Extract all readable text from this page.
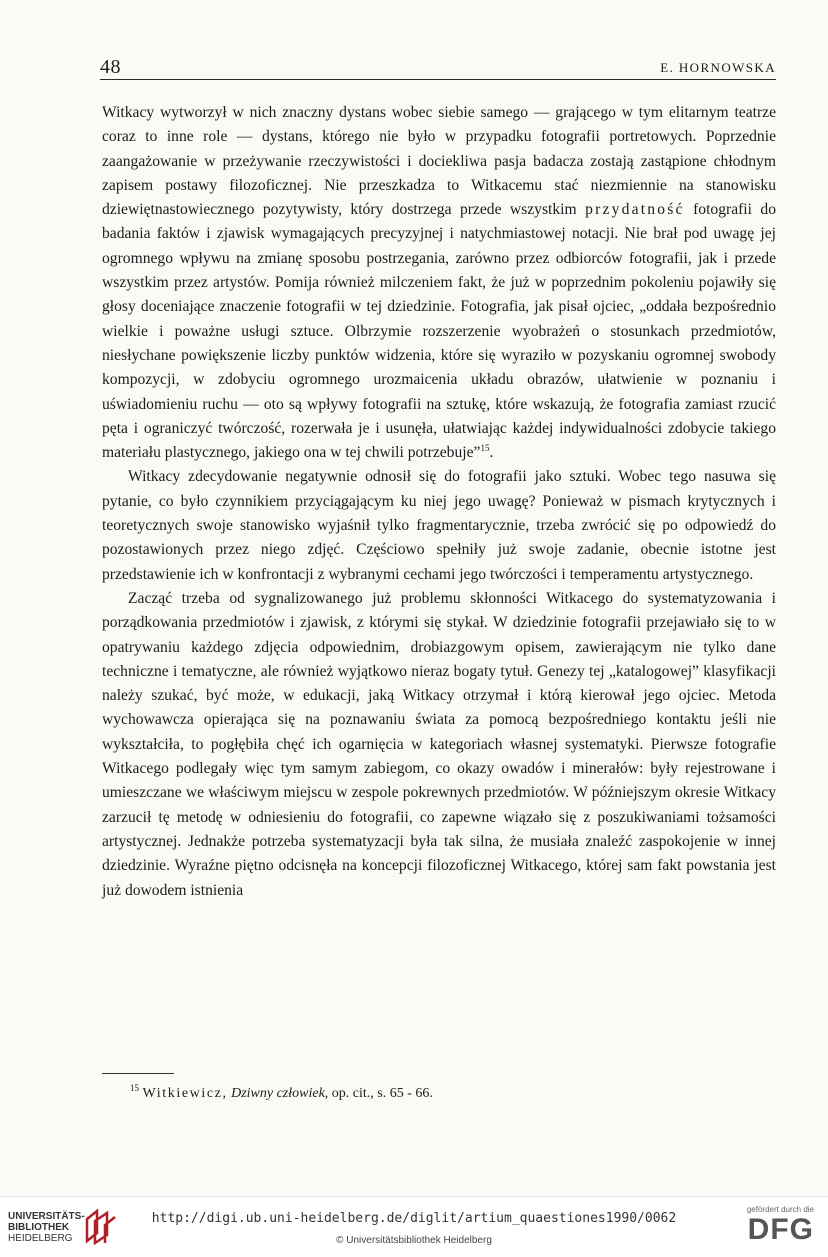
48	E. HORNOWSKA

Witkacy wytworzył w nich znaczny dystans wobec siebie samego — grającego w tym elitarnym teatrze coraz to inne role — dystans, którego nie było w przypadku fotografii portretowych. Poprzednie zaangażowanie w przeżywanie rzeczywistości i dociekliwa pasja badacza zostają zastąpione chłodnym zapisem postawy filozoficznej. Nie przeszkadza to Witkacemu stać niezmiennie na stanowisku dziewiętnastowiecznego pozytywisty, który dostrzega przede wszystkim przydatność fotografii do badania faktów i zjawisk wymagających precyzyjnej i natychmiastowej notacji. Nie brał pod uwagę jej ogromnego wpływu na zmianę sposobu postrzegania, zarówno przez odbiorców fotografii, jak i przede wszystkim przez artystów. Pomija również milczeniem fakt, że już w poprzednim pokoleniu pojawiły się głosy doceniające znaczenie fotografii w tej dziedzinie. Fotografia, jak pisał ojciec, „oddała bezpośrednio wielkie i poważne usługi sztuce. Olbrzymie rozszerzenie wyobrażeń o stosunkach przedmiotów, niesłychane powiększenie liczby punktów widzenia, które się wyraziło w pozyskaniu ogromnej swobody kompozycji, w zdobyciu ogromnego urozmaicenia układu obrazów, ułatwienie w poznaniu i uświadomieniu ruchu — oto są wpływy fotografii na sztukę, które wskazują, że fotografia zamiast rzucić pęta i ograniczyć twórczość, rozerwała je i usunęła, ułatwiając każdej indywidualności zdobycie takiego materiału plastycznego, jakiego ona w tej chwili potrzebuje”$^{15}$.

Witkacy zdecydowanie negatywnie odnosił się do fotografii jako sztuki. Wobec tego nasuwa się pytanie, co było czynnikiem przyciągającym ku niej jego uwagę? Ponieważ w pismach krytycznych i teoretycznych swoje stanowisko wyjaśnił tylko fragmentarycznie, trzeba zwrócić się po odpowiedź do pozostawionych przez niego zdjęć. Częściowo spełniły już swoje zadanie, obecnie istotne jest przedstawienie ich w konfrontacji z wybranymi cechami jego twórczości i temperamentu artystycznego.

Zacząć trzeba od sygnalizowanego już problemu skłonności Witkacego do systematyzowania i porządkowania przedmiotów i zjawisk, z którymi się stykał. W dziedzinie fotografii przejawiało się to w opatrywaniu każdego zdjęcia odpowiednim, drobiazgowym opisem, zawierającym nie tylko dane techniczne i tematyczne, ale również wyjątkowo nieraz bogaty tytuł. Genezy tej „katalogowej” klasyfikacji należy szukać, być może, w edukacji, jaką Witkacy otrzymał i którą kierował jego ojciec. Metoda wychowawcza opierająca się na poznawaniu świata za pomocą bezpośredniego kontaktu jeśli nie wykształciła, to pogłębiła chęć ich ogarnięcia w kategoriach własnej systematyki. Pierwsze fotografie Witkacego podlegały więc tym samym zabiegom, co okazy owadów i minerałów: były rejestrowane i umieszczane we właściwym miejscu w zespole pokrewnych przedmiotów. W późniejszym okresie Witkacy zarzucił tę metodę w odniesieniu do fotografii, co zapewne wiązało się z poszukiwaniami tożsamości artystycznej. Jednakże potrzeba systematyzacji była tak silna, że musiała znaleźć zaspokojenie w innej dziedzinie. Wyraźne piętno odcisnęła na koncepcji filozoficznej Witkacego, której sam fakt powstania jest już dowodem istnienia

$^{15}$ Witkiewicz, Dziwny człowiek, op. cit., s. 65 - 66.
UNIVERSITÄTS-
BIBLIOTHEK
HEIDELBERG
http://digi.ub.uni-heidelberg.de/diglit/artium_quaestiones1990/0062
© Universitätsbibliothek Heidelberg
gefördert durch die
DFG
